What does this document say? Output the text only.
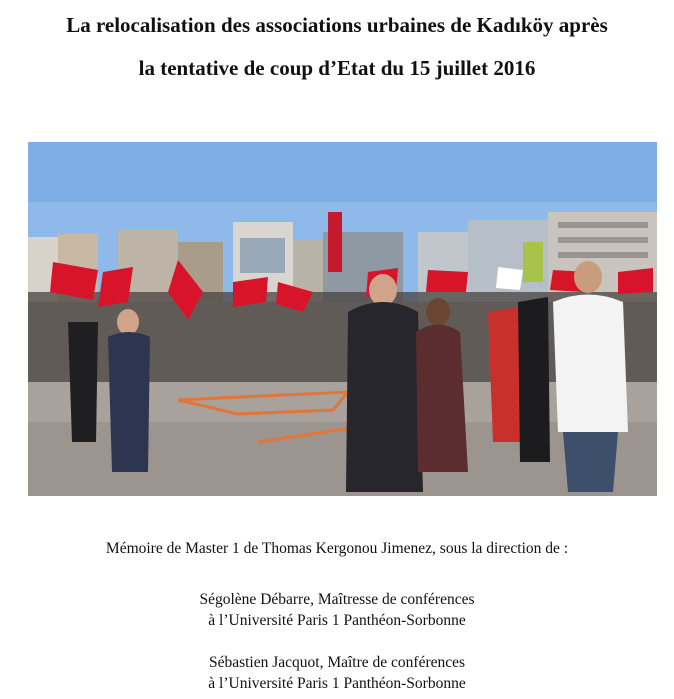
La relocalisation des associations urbaines de Kadıköy après
la tentative de coup d’Etat du 15 juillet 2016
Mémoire de Master 1 de Thomas Kergonou Jimenez, sous la direction de :
Ségolène Débarre, Maîtresse de conférences
à l’Université Paris 1 Panthéon-Sorbonne
Sébastien Jacquot, Maître de conférences
à l’Université Paris 1 Panthéon-Sorbonne
